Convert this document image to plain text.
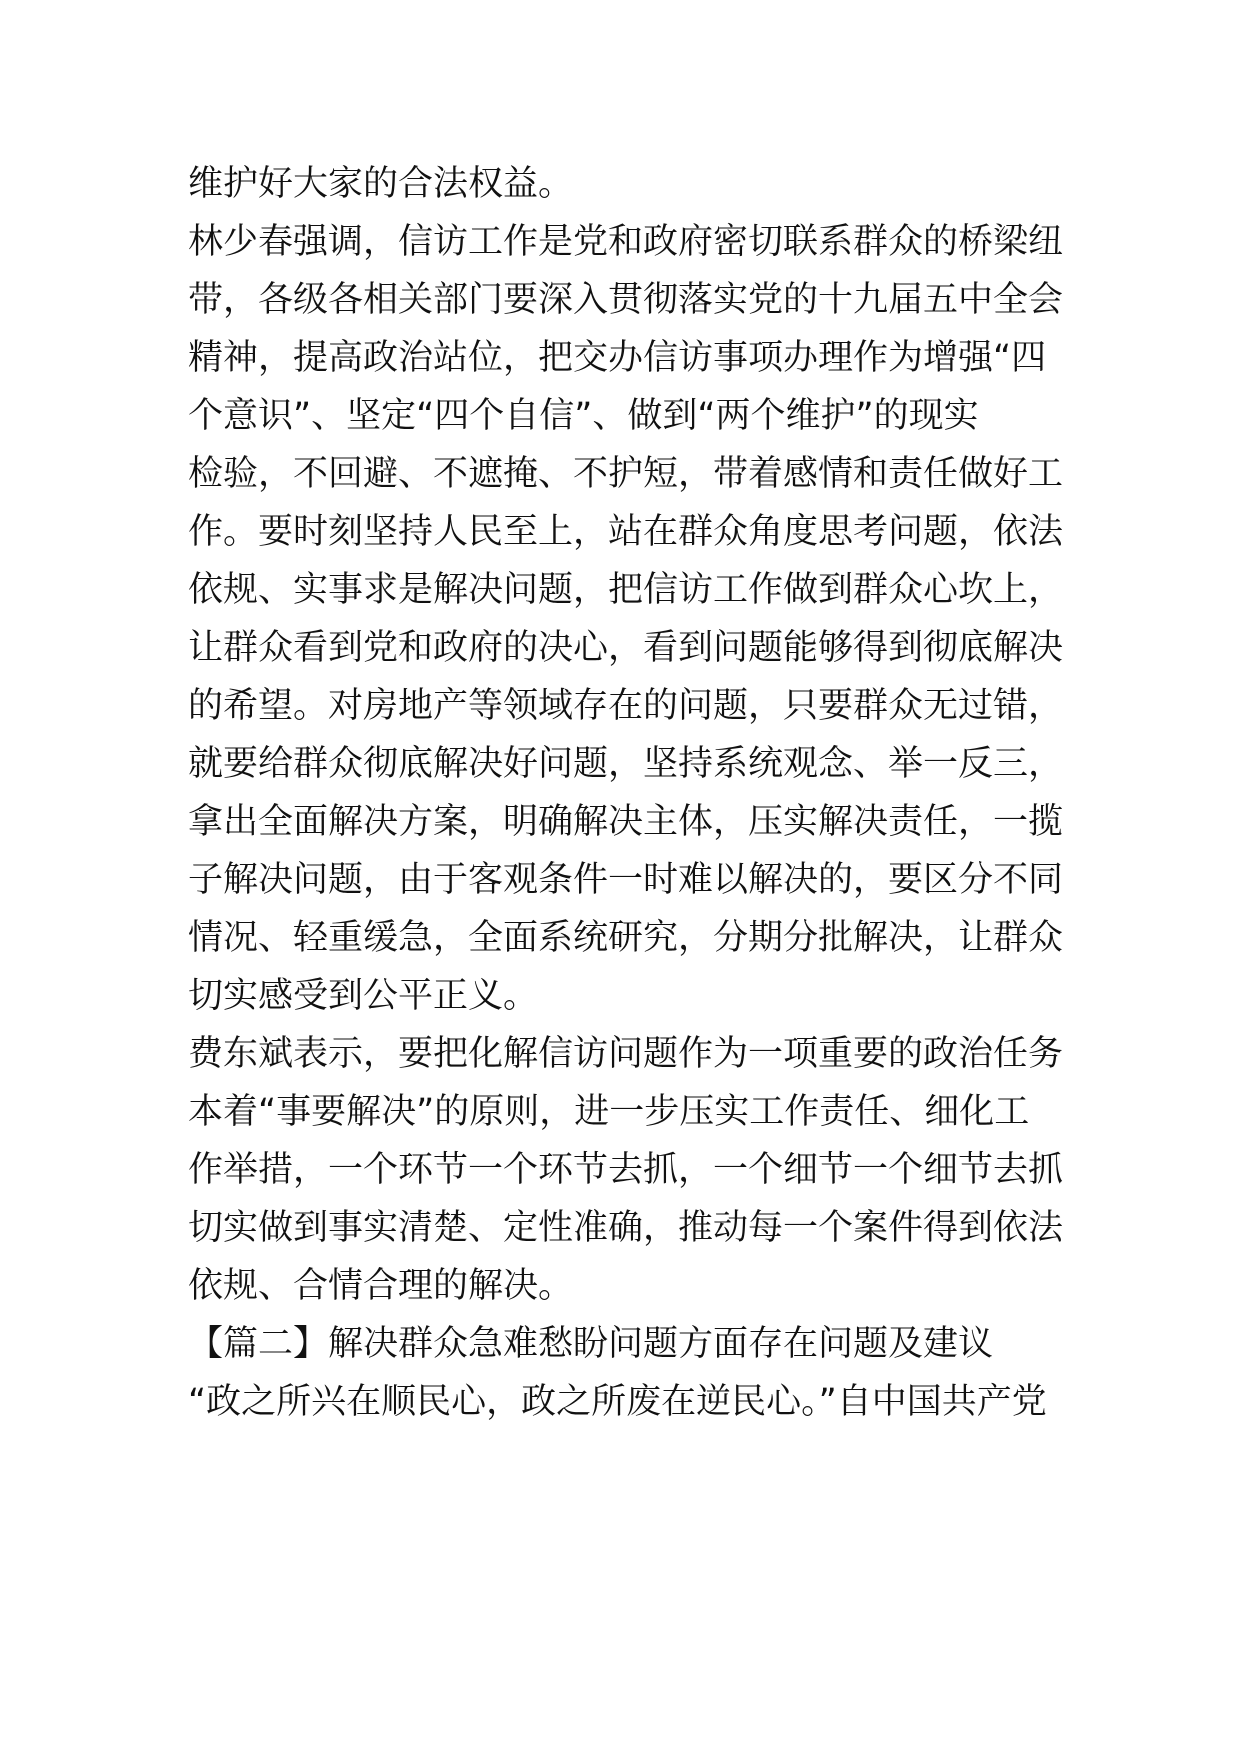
维护好大家的合法权益。
林少春强调，信访工作是党和政府密切联系群众的桥梁纽
带，各级各相关部门要深入贯彻落实党的十九届五中全会
精神，提高政治站位，把交办信访事项办理作为增强“四
个意识”、坚定“四个自信”、做到“两个维护”的现实
检验，不回避、不遮掩、不护短，带着感情和责任做好工
作。要时刻坚持人民至上，站在群众角度思考问题，依法
依规、实事求是解决问题，把信访工作做到群众心坎上，
让群众看到党和政府的决心，看到问题能够得到彻底解决
的希望。对房地产等领域存在的问题，只要群众无过错，
就要给群众彻底解决好问题，坚持系统观念、举一反三，
拿出全面解决方案，明确解决主体，压实解决责任，一揽
子解决问题，由于客观条件一时难以解决的，要区分不同
情况、轻重缓急，全面系统研究，分期分批解决，让群众
切实感受到公平正义。
费东斌表示，要把化解信访问题作为一项重要的政治任务
本着“事要解决”的原则，进一步压实工作责任、细化工
作举措，一个环节一个环节去抓，一个细节一个细节去抓
切实做到事实清楚、定性准确，推动每一个案件得到依法
依规、合情合理的解决。
【篇二】解决群众急难愁盼问题方面存在问题及建议
“政之所兴在顺民心，政之所废在逆民心。”自中国共产党
